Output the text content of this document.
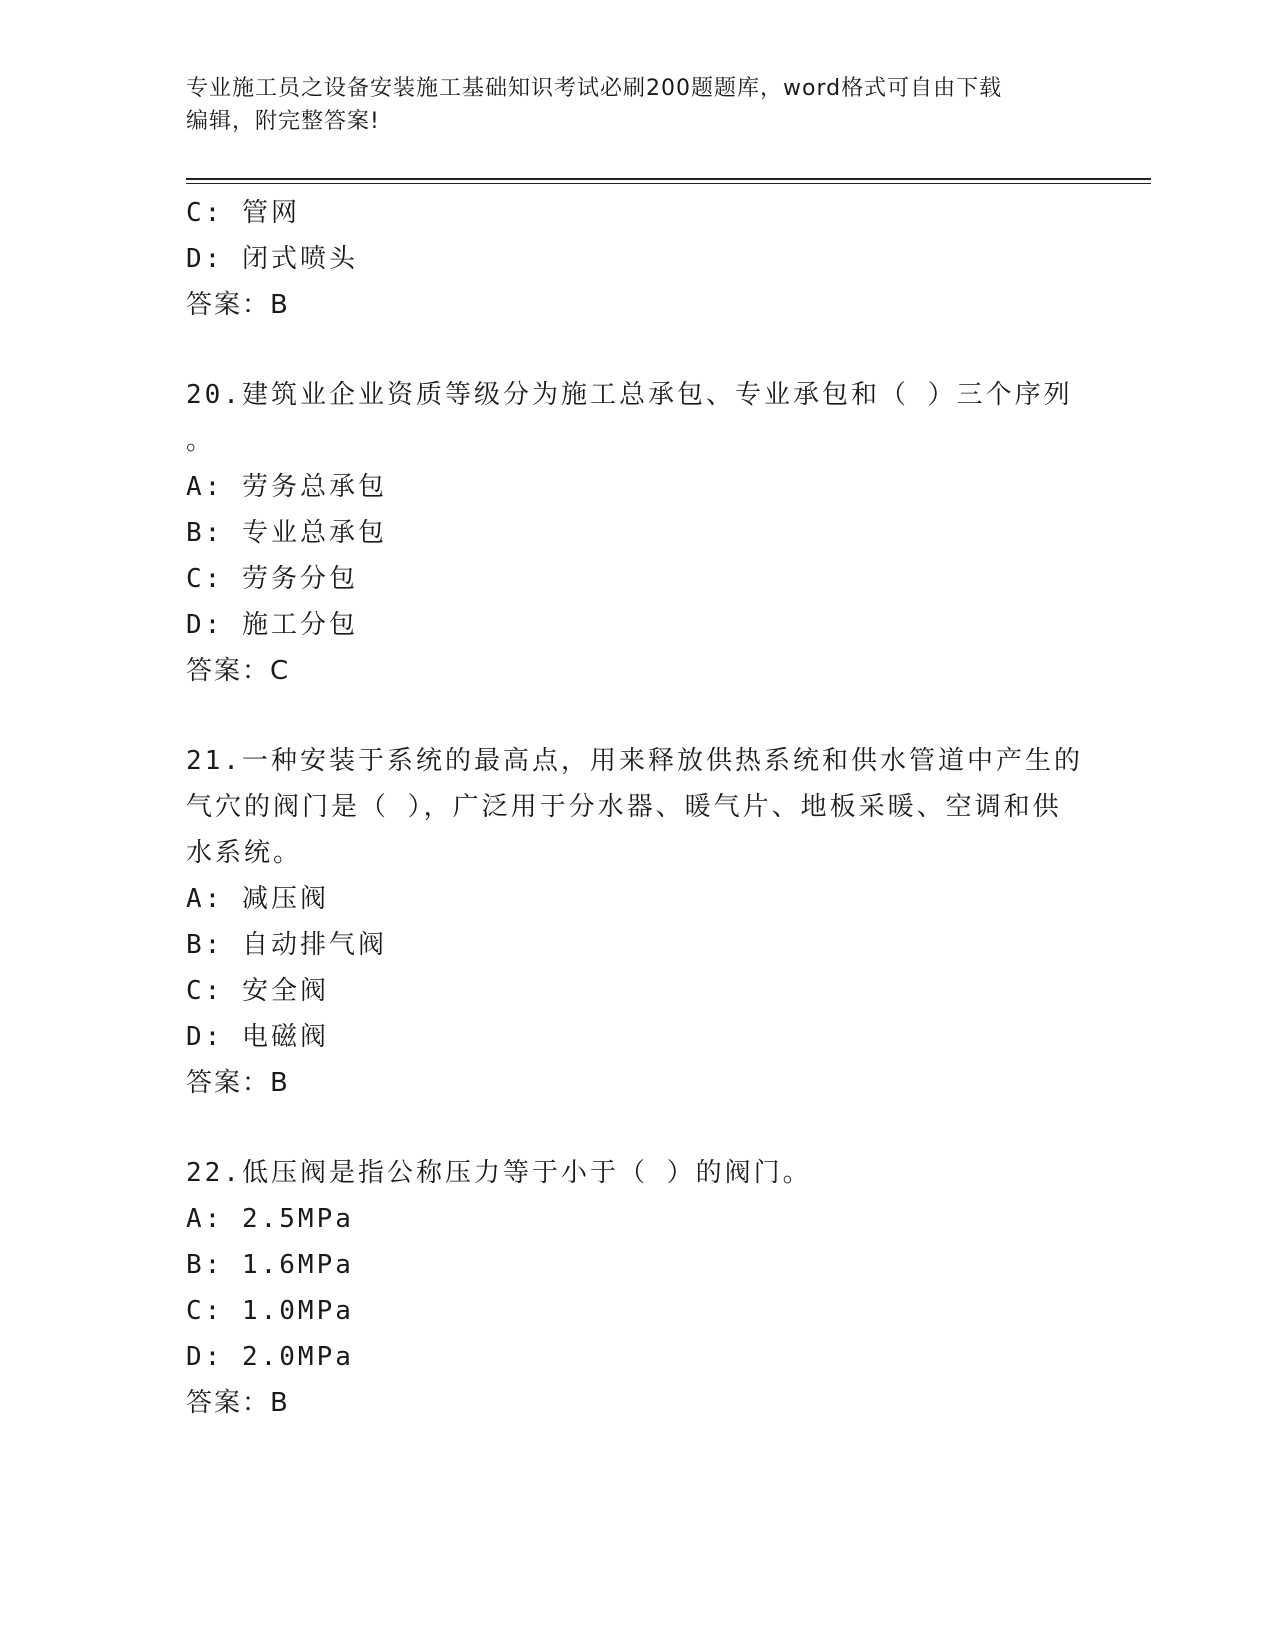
专业施工员之设备安装施工基础知识考试必刷200题题库，word格式可自由下载
编辑，附完整答案!
C: 管网
D: 闭式喷头
答案：B
20.建筑业企业资质等级分为施工总承包、专业承包和（ ）三个序列
。
A: 劳务总承包
B: 专业总承包
C: 劳务分包
D: 施工分包
答案：C
21.一种安装于系统的最高点，用来释放供热系统和供水管道中产生的
气穴的阀门是（ ），广泛用于分水器、暖气片、地板采暖、空调和供
水系统。
A: 减压阀
B: 自动排气阀
C: 安全阀
D: 电磁阀
答案：B
22.低压阀是指公称压力等于小于（ ）的阀门。
A: 2.5MPa
B: 1.6MPa
C: 1.0MPa
D: 2.0MPa
答案：B
